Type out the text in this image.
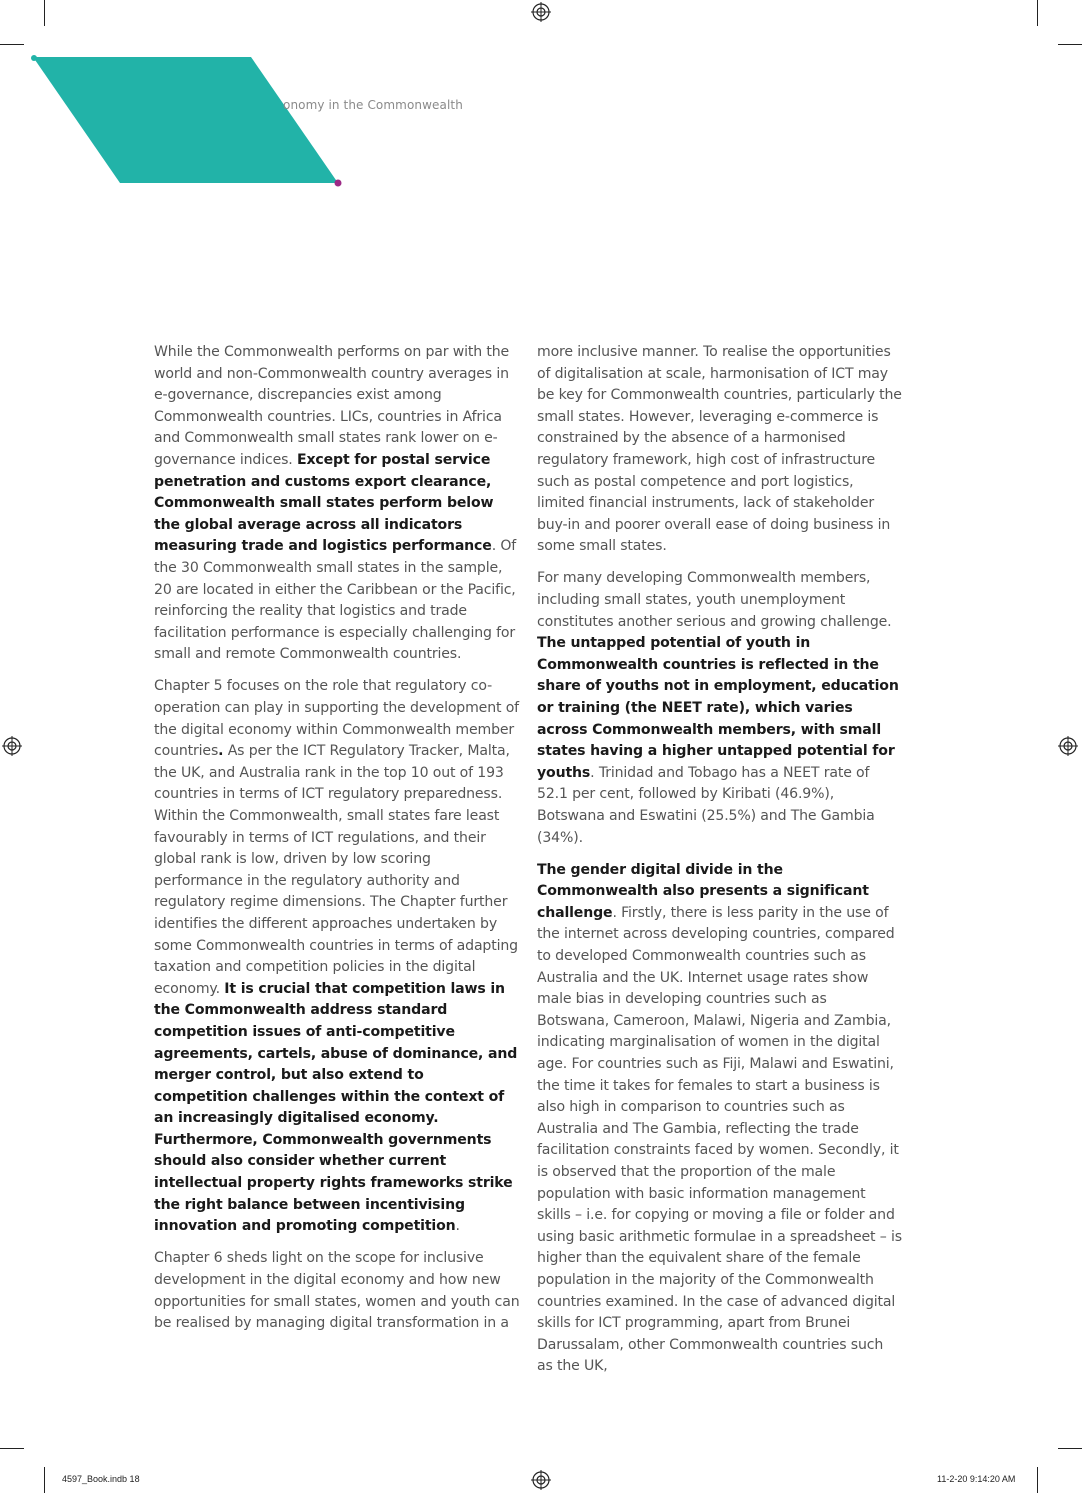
onomy in the Commonwealth

While the Commonwealth performs on par with the world and non-Commonwealth country averages in e-governance, discrepancies exist among Commonwealth countries. LICs, countries in Africa and Commonwealth small states rank lower on e-governance indices. Except for postal service penetration and customs export clearance, Commonwealth small states perform below the global average across all indicators measuring trade and logistics performance. Of the 30 Commonwealth small states in the sample, 20 are located in either the Caribbean or the Pacific, reinforcing the reality that logistics and trade facilitation performance is especially challenging for small and remote Commonwealth countries.

Chapter 5 focuses on the role that regulatory co-operation can play in supporting the development of the digital economy within Commonwealth member countries. As per the ICT Regulatory Tracker, Malta, the UK, and Australia rank in the top 10 out of 193 countries in terms of ICT regulatory preparedness. Within the Commonwealth, small states fare least favourably in terms of ICT regulations, and their global rank is low, driven by low scoring performance in the regulatory authority and regulatory regime dimensions. The Chapter further identifies the different approaches undertaken by some Commonwealth countries in terms of adapting taxation and competition policies in the digital economy. It is crucial that competition laws in the Commonwealth address standard competition issues of anti-competitive agreements, cartels, abuse of dominance, and merger control, but also extend to competition challenges within the context of an increasingly digitalised economy. Furthermore, Commonwealth governments should also consider whether current intellectual property rights frameworks strike the right balance between incentivising innovation and promoting competition.

Chapter 6 sheds light on the scope for inclusive development in the digital economy and how new opportunities for small states, women and youth can be realised by managing digital transformation in a

more inclusive manner. To realise the opportunities of digitalisation at scale, harmonisation of ICT may be key for Commonwealth countries, particularly the small states. However, leveraging e-commerce is constrained by the absence of a harmonised regulatory framework, high cost of infrastructure such as postal competence and port logistics, limited financial instruments, lack of stakeholder buy-in and poorer overall ease of doing business in some small states.

For many developing Commonwealth members, including small states, youth unemployment constitutes another serious and growing challenge. The untapped potential of youth in Commonwealth countries is reflected in the share of youths not in employment, education or training (the NEET rate), which varies across Commonwealth members, with small states having a higher untapped potential for youths. Trinidad and Tobago has a NEET rate of 52.1 per cent, followed by Kiribati (46.9%), Botswana and Eswatini (25.5%) and The Gambia (34%).

The gender digital divide in the Commonwealth also presents a significant challenge. Firstly, there is less parity in the use of the internet across developing countries, compared to developed Commonwealth countries such as Australia and the UK. Internet usage rates show male bias in developing countries such as Botswana, Cameroon, Malawi, Nigeria and Zambia, indicating marginalisation of women in the digital age. For countries such as Fiji, Malawi and Eswatini, the time it takes for females to start a business is also high in comparison to countries such as Australia and The Gambia, reflecting the trade facilitation constraints faced by women. Secondly, it is observed that the proportion of the male population with basic information management skills – i.e. for copying or moving a file or folder and using basic arithmetic formulae in a spreadsheet – is higher than the equivalent share of the female population in the majority of the Commonwealth countries examined. In the case of advanced digital skills for ICT programming, apart from Brunei Darussalam, other Commonwealth countries such as the UK,

4597_Book.indb 18	11-2-20 9:14:20 AM
